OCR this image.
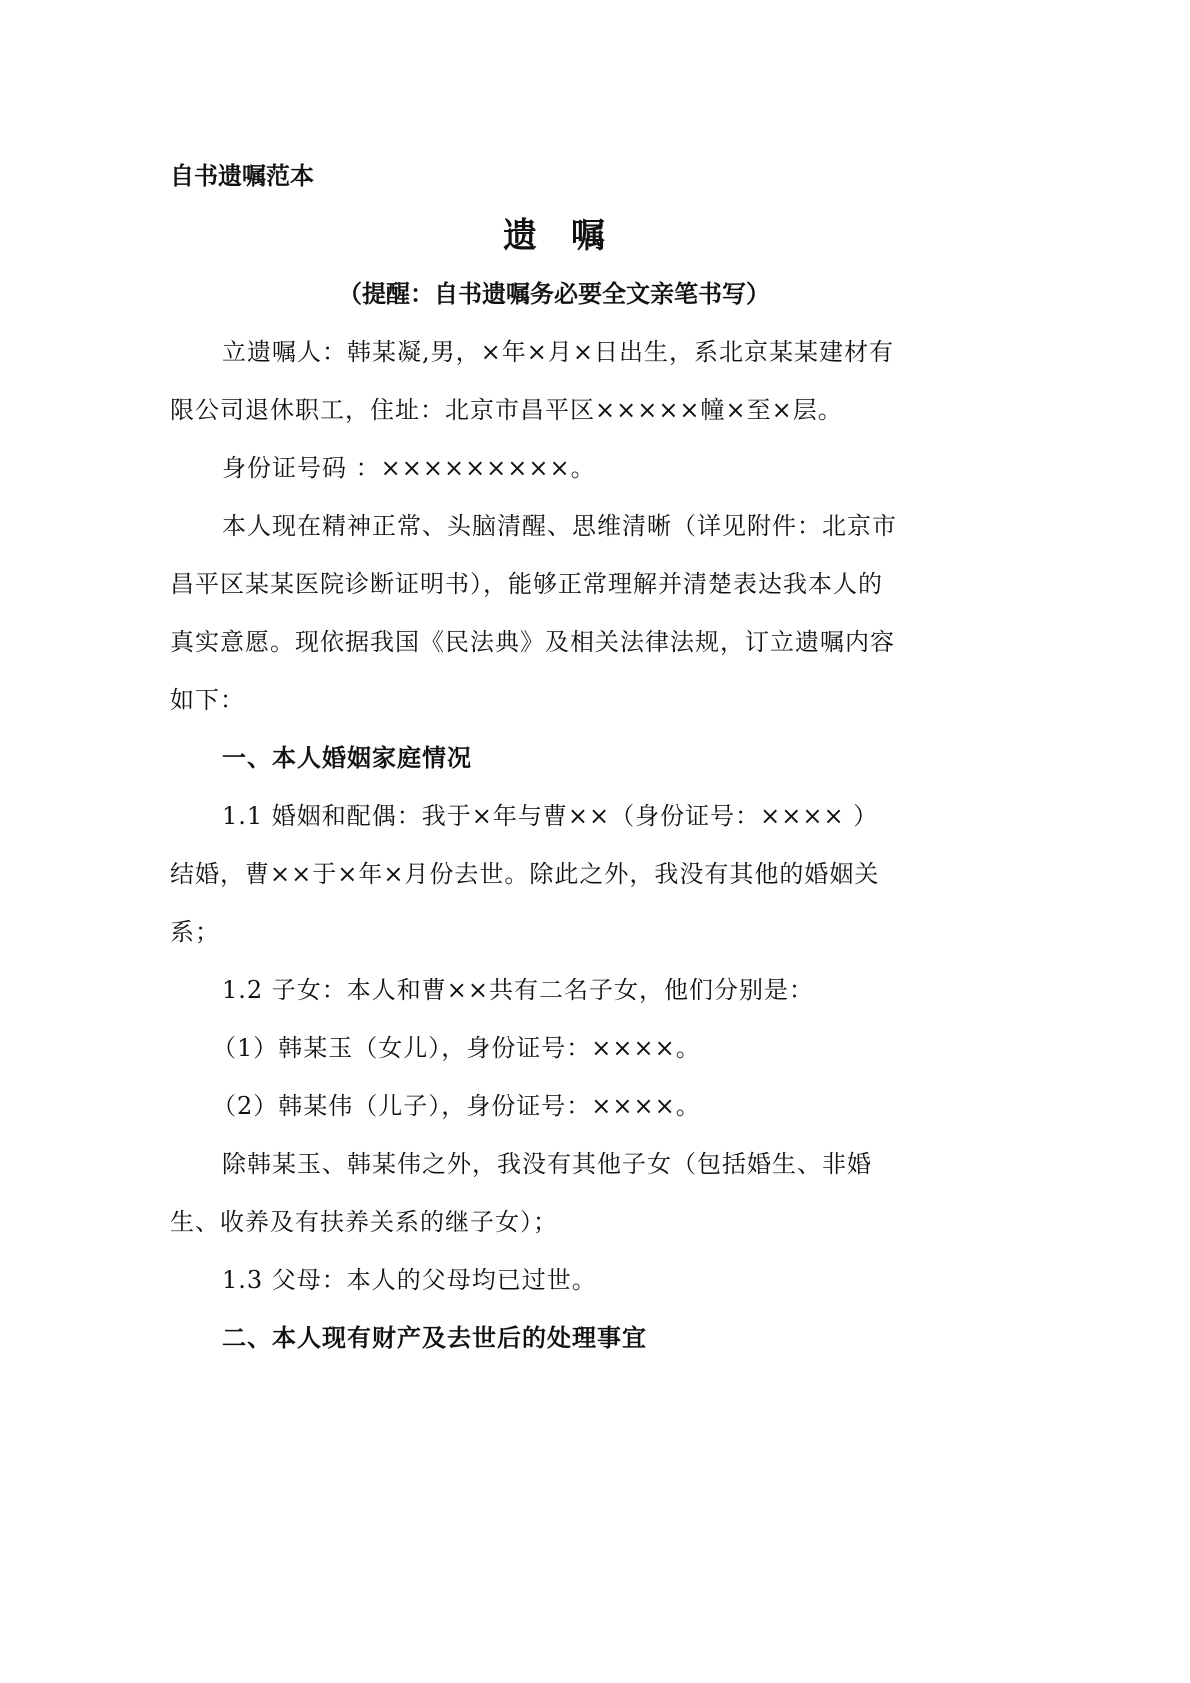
自书遗嘱范本
遗 嘱
（提醒：自书遗嘱务必要全文亲笔书写）
立遗嘱人：韩某凝,男，×年×月×日出生，系北京某某建材有
限公司退休职工，住址：北京市昌平区×××××幢×至×层。
身份证号码 ：×××××××××。
本人现在精神正常、头脑清醒、思维清晰（详见附件：北京市
昌平区某某医院诊断证明书），能够正常理解并清楚表达我本人的
真实意愿。现依据我国《民法典》及相关法律法规，订立遗嘱内容
如下：
一、本人婚姻家庭情况
1.1 婚姻和配偶：我于×年与曹××（身份证号：×××× ）
结婚，曹××于×年×月份去世。除此之外，我没有其他的婚姻关
系；
1.2 子女：本人和曹××共有二名子女，他们分别是：
（1）韩某玉（女儿），身份证号：××××。
（2）韩某伟（儿子），身份证号：××××。
除韩某玉、韩某伟之外，我没有其他子女（包括婚生、非婚
生、收养及有扶养关系的继子女）；
1.3 父母：本人的父母均已过世。
二、本人现有财产及去世后的处理事宜
